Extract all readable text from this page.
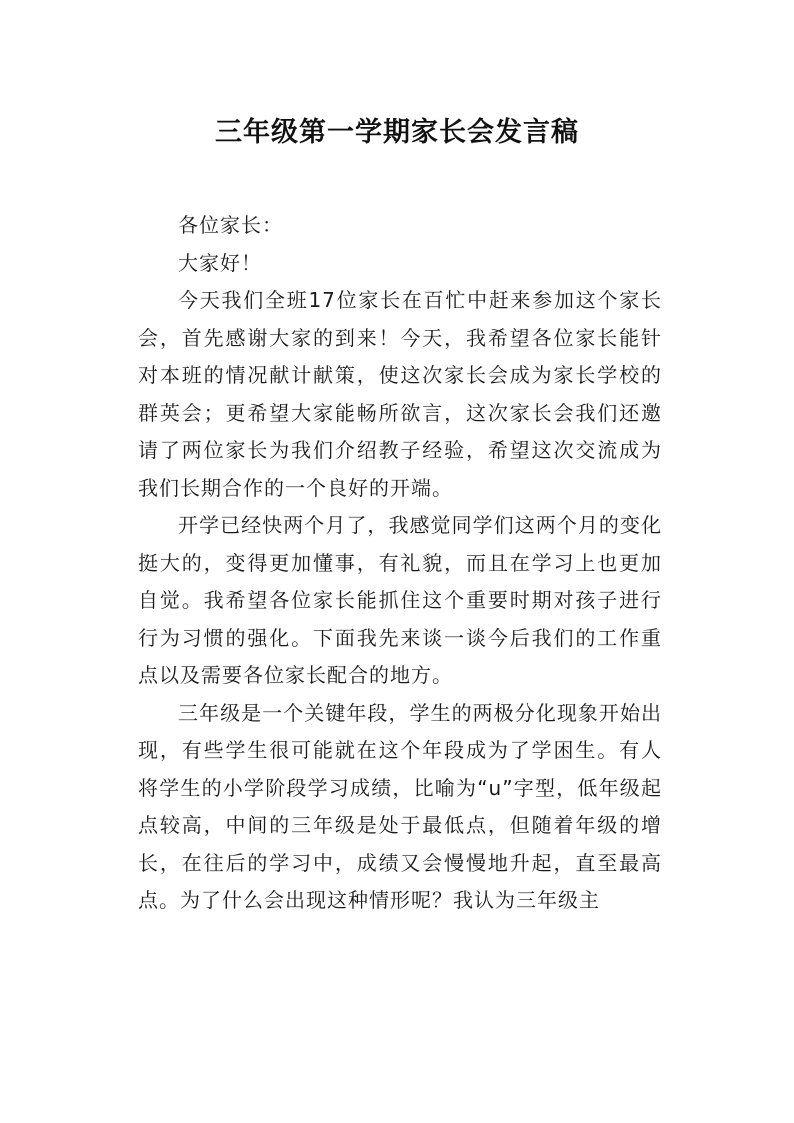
三年级第一学期家长会发言稿

各位家长：

大家好！

今天我们全班17位家长在百忙中赶来参加这个家长会，首先感谢大家的到来！今天，我希望各位家长能针对本班的情况献计献策，使这次家长会成为家长学校的群英会；更希望大家能畅所欲言，这次家长会我们还邀请了两位家长为我们介绍教子经验，希望这次交流成为我们长期合作的一个良好的开端。

开学已经快两个月了，我感觉同学们这两个月的变化挺大的，变得更加懂事，有礼貌，而且在学习上也更加自觉。我希望各位家长能抓住这个重要时期对孩子进行行为习惯的强化。下面我先来谈一谈今后我们的工作重点以及需要各位家长配合的地方。

三年级是一个关键年段，学生的两极分化现象开始出现，有些学生很可能就在这个年段成为了学困生。有人将学生的小学阶段学习成绩，比喻为“u”字型，低年级起点较高，中间的三年级是处于最低点，但随着年级的增长，在往后的学习中，成绩又会慢慢地升起，直至最高点。为了什么会出现这种情形呢？我认为三年级主
